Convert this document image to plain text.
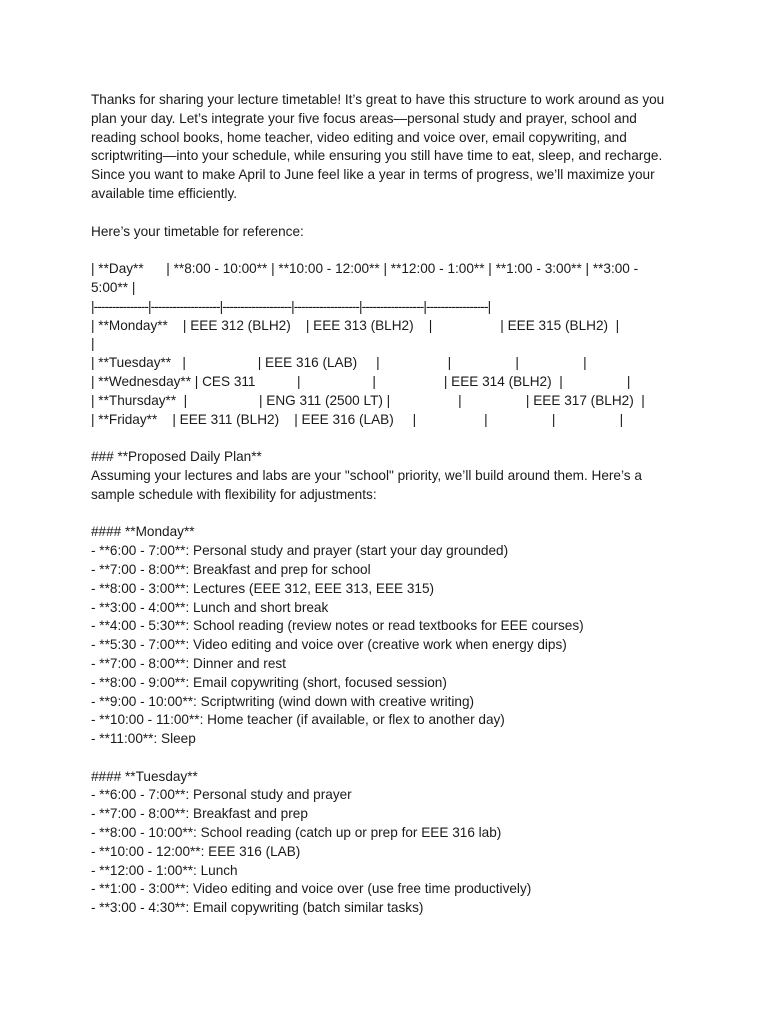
Thanks for sharing your lecture timetable! It’s great to have this structure to work around as you

plan your day. Let’s integrate your five focus areas—personal study and prayer, school and

reading school books, home teacher, video editing and voice over, email copywriting, and

scriptwriting—into your schedule, while ensuring you still have time to eat, sleep, and recharge.

Since you want to make April to June feel like a year in terms of progress, we’ll maximize your

available time efficiently.

Here’s your timetable for reference:

| **Day**      | **8:00 - 10:00** | **10:00 - 12:00** | **12:00 - 1:00** | **1:00 - 3:00** | **3:00 -

5:00** |

|---------------|-------------------|-------------------|------------------|-----------------|-----------------|

| **Monday**    | EEE 312 (BLH2)    | EEE 313 (BLH2)    |                  | EEE 315 (BLH2)  |

|

| **Tuesday**   |                   | EEE 316 (LAB)     |                  |                 |                 |

| **Wednesday** | CES 311           |                   |                  | EEE 314 (BLH2)  |                 |

| **Thursday**  |                   | ENG 311 (2500 LT) |                  |                 | EEE 317 (BLH2)  |

| **Friday**    | EEE 311 (BLH2)    | EEE 316 (LAB)     |                  |                 |                 |

### **Proposed Daily Plan**

Assuming your lectures and labs are your "school" priority, we’ll build around them. Here’s a

sample schedule with flexibility for adjustments:

#### **Monday**

- **6:00 - 7:00**: Personal study and prayer (start your day grounded)

- **7:00 - 8:00**: Breakfast and prep for school

- **8:00 - 3:00**: Lectures (EEE 312, EEE 313, EEE 315)

- **3:00 - 4:00**: Lunch and short break

- **4:00 - 5:30**: School reading (review notes or read textbooks for EEE courses)

- **5:30 - 7:00**: Video editing and voice over (creative work when energy dips)

- **7:00 - 8:00**: Dinner and rest

- **8:00 - 9:00**: Email copywriting (short, focused session)

- **9:00 - 10:00**: Scriptwriting (wind down with creative writing)

- **10:00 - 11:00**: Home teacher (if available, or flex to another day)

- **11:00**: Sleep

#### **Tuesday**

- **6:00 - 7:00**: Personal study and prayer

- **7:00 - 8:00**: Breakfast and prep

- **8:00 - 10:00**: School reading (catch up or prep for EEE 316 lab)

- **10:00 - 12:00**: EEE 316 (LAB)

- **12:00 - 1:00**: Lunch

- **1:00 - 3:00**: Video editing and voice over (use free time productively)

- **3:00 - 4:30**: Email copywriting (batch similar tasks)
